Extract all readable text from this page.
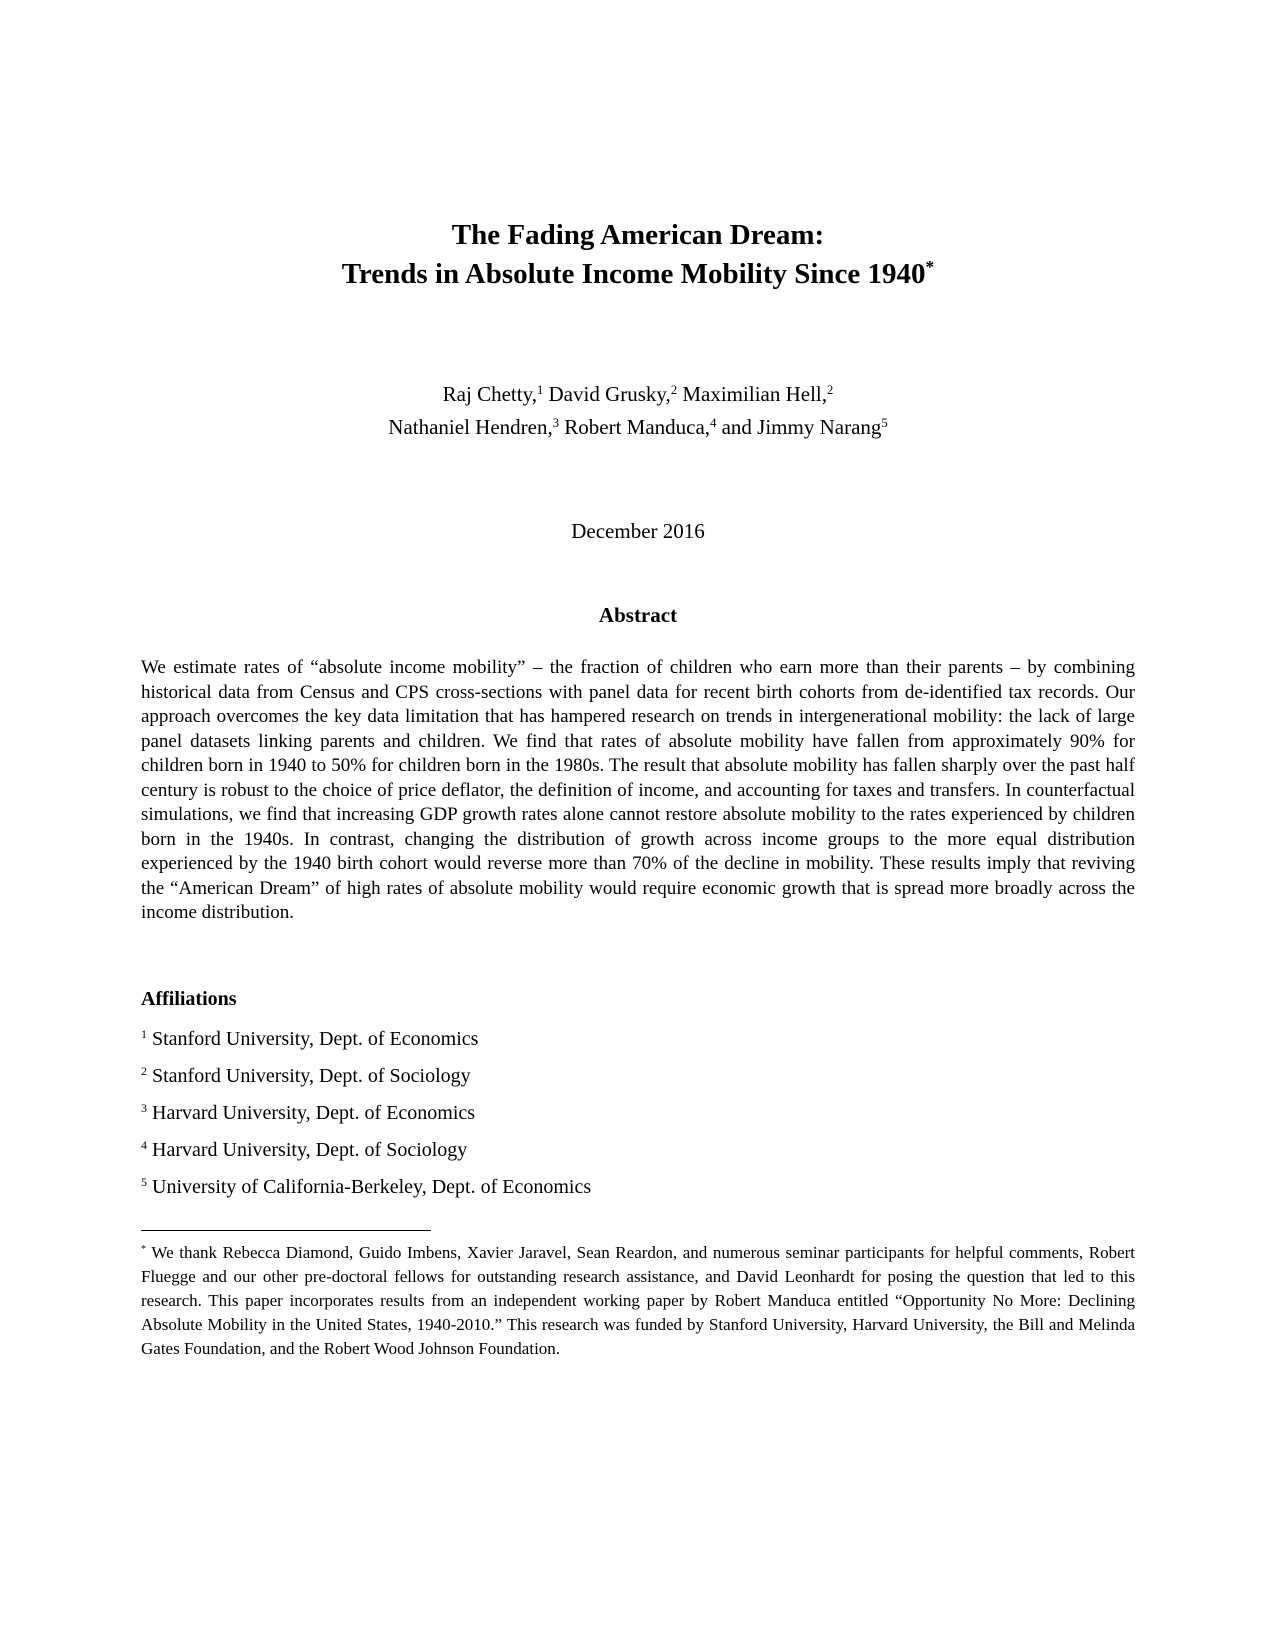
The Fading American Dream:
Trends in Absolute Income Mobility Since 1940*
Raj Chetty,$^1$ David Grusky,$^2$ Maximilian Hell,$^2$
Nathaniel Hendren,$^3$ Robert Manduca,$^4$ and Jimmy Narang$^5$
December 2016
Abstract

We estimate rates of “absolute income mobility” – the fraction of children who earn more than their parents – by combining historical data from Census and CPS cross-sections with panel data for recent birth cohorts from de-identified tax records. Our approach overcomes the key data limitation that has hampered research on trends in intergenerational mobility: the lack of large panel datasets linking parents and children. We find that rates of absolute mobility have fallen from approximately 90% for children born in 1940 to 50% for children born in the 1980s. The result that absolute mobility has fallen sharply over the past half century is robust to the choice of price deflator, the definition of income, and accounting for taxes and transfers. In counterfactual simulations, we find that increasing GDP growth rates alone cannot restore absolute mobility to the rates experienced by children born in the 1940s. In contrast, changing the distribution of growth across income groups to the more equal distribution experienced by the 1940 birth cohort would reverse more than 70% of the decline in mobility. These results imply that reviving the “American Dream” of high rates of absolute mobility would require economic growth that is spread more broadly across the income distribution.

Affiliations
$^1$ Stanford University, Dept. of Economics
$^2$ Stanford University, Dept. of Sociology
$^3$ Harvard University, Dept. of Economics
$^4$ Harvard University, Dept. of Sociology
$^5$ University of California-Berkeley, Dept. of Economics

* We thank Rebecca Diamond, Guido Imbens, Xavier Jaravel, Sean Reardon, and numerous seminar participants for helpful comments, Robert Fluegge and our other pre-doctoral fellows for outstanding research assistance, and David Leonhardt for posing the question that led to this research. This paper incorporates results from an independent working paper by Robert Manduca entitled “Opportunity No More: Declining Absolute Mobility in the United States, 1940-2010.” This research was funded by Stanford University, Harvard University, the Bill and Melinda Gates Foundation, and the Robert Wood Johnson Foundation.
